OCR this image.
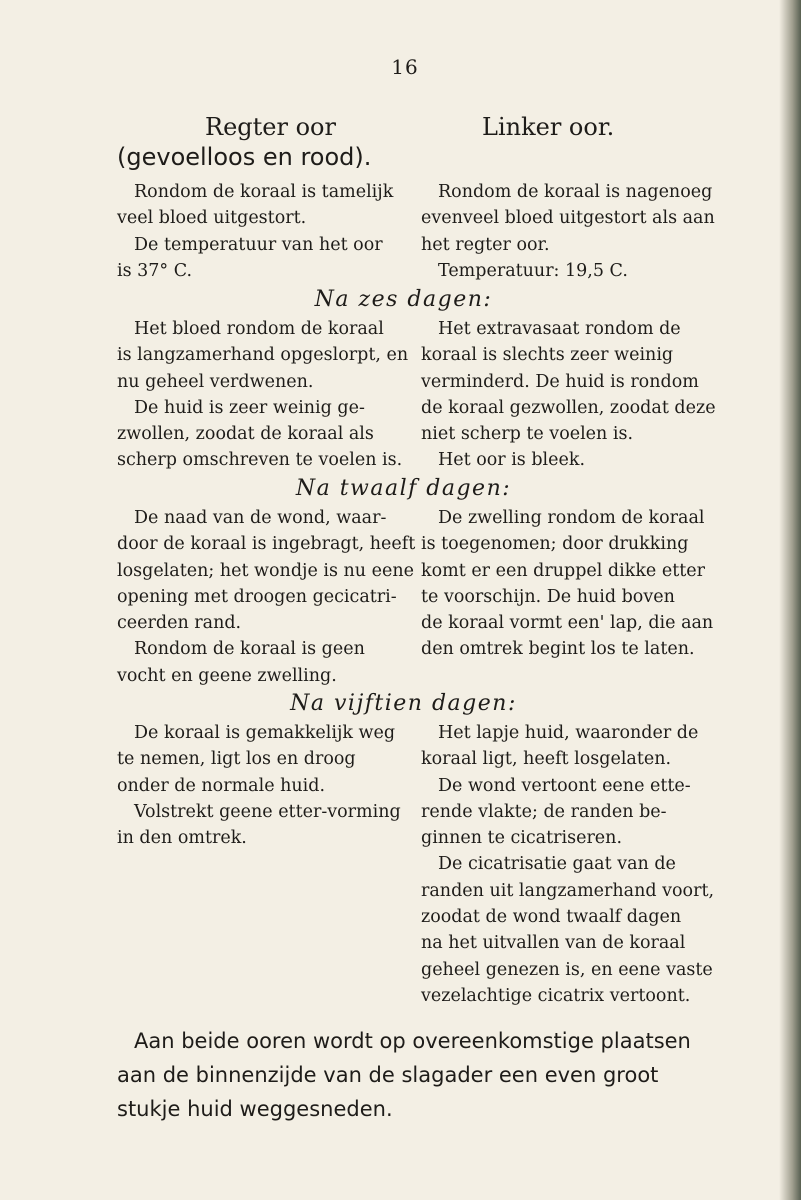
16
Regter oor
(gevoelloos en rood).
Linker oor.

Rondom de koraal is tamelijk

veel bloed uitgestort.

De temperatuur van het oor

is 37° C.

Rondom de koraal is nagenoeg

evenveel bloed uitgestort als aan

het regter oor.

Temperatuur: 19,5 C.

Na zes dagen:

Het bloed rondom de koraal

is langzamerhand opgeslorpt, en

nu geheel verdwenen.

De huid is zeer weinig ge-

zwollen, zoodat de koraal als

scherp omschreven te voelen is.

Het extravasaat rondom de

koraal is slechts zeer weinig

verminderd. De huid is rondom

de koraal gezwollen, zoodat deze

niet scherp te voelen is.

Het oor is bleek.

Na twaalf dagen:

De naad van de wond, waar-

door de koraal is ingebragt, heeft

losgelaten; het wondje is nu eene

opening met droogen gecicatri-

ceerden rand.

Rondom de koraal is geen

vocht en geene zwelling.

De zwelling rondom de koraal

is toegenomen; door drukking

komt er een druppel dikke etter

te voorschijn. De huid boven

de koraal vormt een' lap, die aan

den omtrek begint los te laten.

Na vijftien dagen:

De koraal is gemakkelijk weg

te nemen, ligt los en droog

onder de normale huid.

Volstrekt geene etter-vorming

in den omtrek.

Het lapje huid, waaronder de

koraal ligt, heeft losgelaten.

De wond vertoont eene ette-

rende vlakte; de randen be-

ginnen te cicatriseren.

De cicatrisatie gaat van de

randen uit langzamerhand voort,

zoodat de wond twaalf dagen

na het uitvallen van de koraal

geheel genezen is, en eene vaste

vezelachtige cicatrix vertoont.

Aan beide ooren wordt op overeenkomstige plaatsen

aan de binnenzijde van de slagader een even groot

stukje huid weggesneden.
